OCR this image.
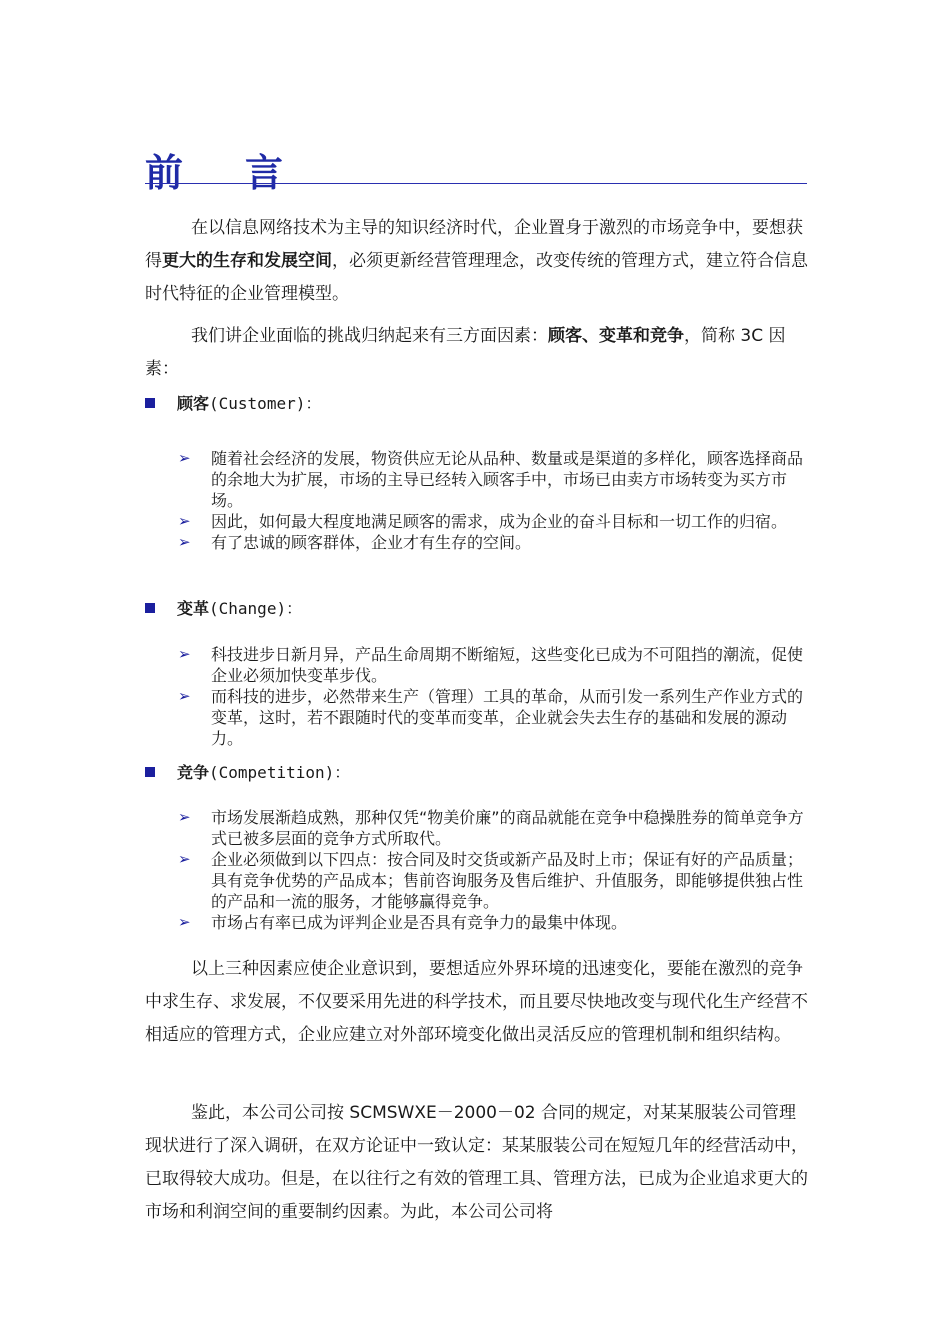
前 言

在以信息网络技术为主导的知识经济时代，企业置身于激烈的市场竞争中，要想获得更大的生存和发展空间，必须更新经营管理理念，改变传统的管理方式，建立符合信息时代特征的企业管理模型。

我们讲企业面临的挑战归纳起来有三方面因素：顾客、变革和竞争，简称 3C 因素：

顾客(Customer)：
➢ 随着社会经济的发展，物资供应无论从品种、数量或是渠道的多样化，顾客选择商品的余地大为扩展，市场的主导已经转入顾客手中，市场已由卖方市场转变为买方市场。
➢ 因此，如何最大程度地满足顾客的需求，成为企业的奋斗目标和一切工作的归宿。
➢ 有了忠诚的顾客群体，企业才有生存的空间。
变革(Change)：
➢ 科技进步日新月异，产品生命周期不断缩短，这些变化已成为不可阻挡的潮流，促使企业必须加快变革步伐。
➢ 而科技的进步，必然带来生产（管理）工具的革命，从而引发一系列生产作业方式的变革，这时，若不跟随时代的变革而变革，企业就会失去生存的基础和发展的源动力。
竞争(Competition)：
➢ 市场发展渐趋成熟，那种仅凭“物美价廉”的商品就能在竞争中稳操胜券的简单竞争方式已被多层面的竞争方式所取代。
➢ 企业必须做到以下四点：按合同及时交货或新产品及时上市；保证有好的产品质量；具有竞争优势的产品成本；售前咨询服务及售后维护、升值服务，即能够提供独占性的产品和一流的服务，才能够赢得竞争。
➢ 市场占有率已成为评判企业是否具有竞争力的最集中体现。

以上三种因素应使企业意识到，要想适应外界环境的迅速变化，要能在激烈的竞争中求生存、求发展，不仅要采用先进的科学技术，而且要尽快地改变与现代化生产经营不相适应的管理方式，企业应建立对外部环境变化做出灵活反应的管理机制和组织结构。

鉴此，本公司公司按 SCMSWXE－2000－02 合同的规定，对某某服装公司管理现状进行了深入调研，在双方论证中一致认定：某某服装公司在短短几年的经营活动中，已取得较大成功。但是，在以往行之有效的管理工具、管理方法，已成为企业追求更大的市场和利润空间的重要制约因素。为此，本公司公司将
